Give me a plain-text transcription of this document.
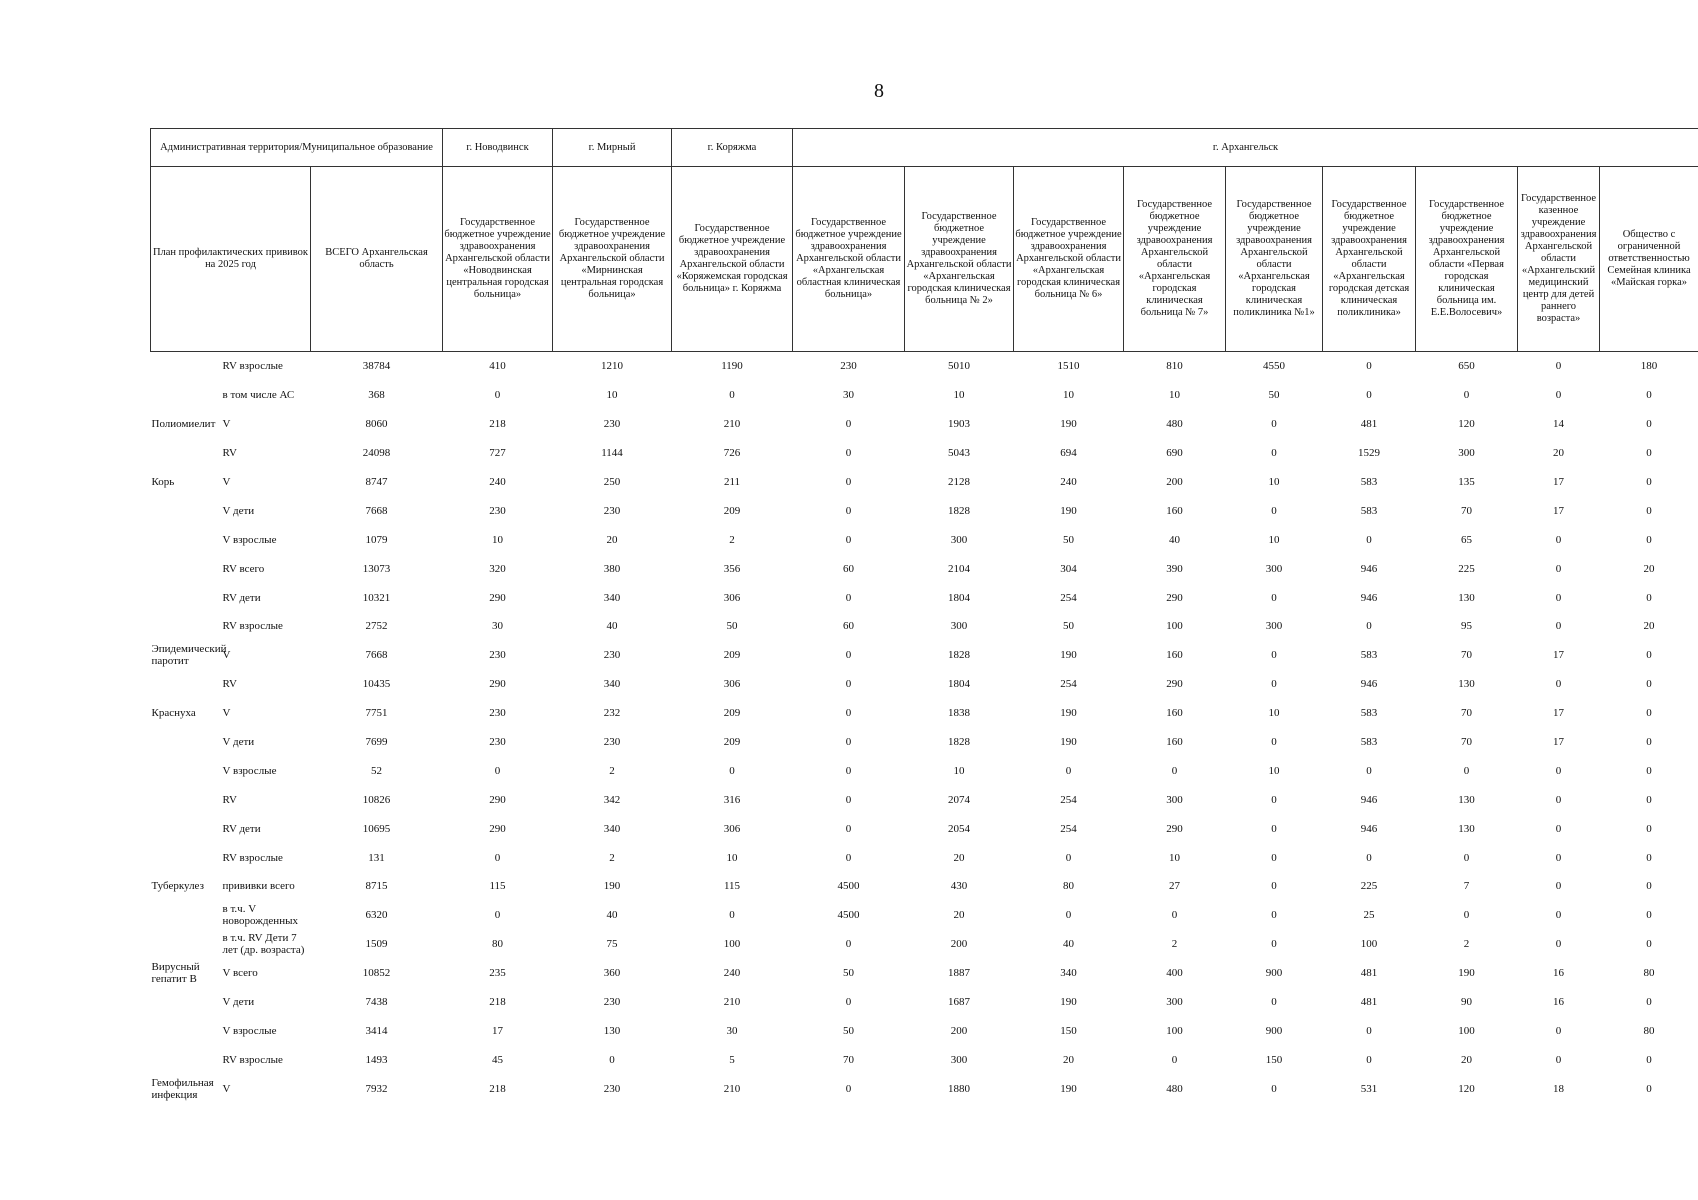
8
Административная территория/Муниципальное образование			г. Новодвинск	г. Мирный	г. Коряжма	г. Архангельск								
План профилактических прививок на 2025 год		ВСЕГО Архангельская область	Государственное бюджетное учреждение здравоохранения Архангельской области «Новодвинская центральная городская больница»	Государственное бюджетное учреждение здравоохранения Архангельской области «Мирнинская центральная городская больница»	Государственное бюджетное учреждение здравоохранения Архангельской области «Коряжемская городская больница» г. Коряжма	Государственное бюджетное учреждение здравоохранения Архангельской области «Архангельская областная клиническая больница»	Государственное бюджетное учреждение здравоохранения Архангельской области «Архангельская городская клиническая больница № 2»	Государственное бюджетное учреждение здравоохранения Архангельской области «Архангельская городская клиническая больница № 6»	Государственное бюджетное учреждение здравоохранения Архангельской области «Архангельская городская клиническая больница № 7»	Государственное бюджетное учреждение здравоохранения Архангельской области «Архангельская городская клиническая поликлиника №1»	Государственное бюджетное учреждение здравоохранения Архангельской области «Архангельская городская детская клиническая поликлиника»	Государственное бюджетное учреждение здравоохранения Архангельской области «Первая городская клиническая больница им. Е.Е.Волосевич»	Государственное казенное учреждение здравоохранения Архангельской области «Архангельский медицинский центр для детей раннего возраста»	Общество с ограниченной ответственностью Семейная клиника «Майская горка»
	RV взрослые	38784	410	1210	1190	230	5010	1510	810	4550	0	650	0	180
	в том числе АС	368	0	10	0	30	10	10	10	50	0	0	0	0
Полиомиелит	V	8060	218	230	210	0	1903	190	480	0	481	120	14	0
	RV	24098	727	1144	726	0	5043	694	690	0	1529	300	20	0
Корь	V	8747	240	250	211	0	2128	240	200	10	583	135	17	0
	V дети	7668	230	230	209	0	1828	190	160	0	583	70	17	0
	V взрослые	1079	10	20	2	0	300	50	40	10	0	65	0	0
	RV всего	13073	320	380	356	60	2104	304	390	300	946	225	0	20
	RV дети	10321	290	340	306	0	1804	254	290	0	946	130	0	0
	RV взрослые	2752	30	40	50	60	300	50	100	300	0	95	0	20
Эпидемический паротит	V	7668	230	230	209	0	1828	190	160	0	583	70	17	0
	RV	10435	290	340	306	0	1804	254	290	0	946	130	0	0
Краснуха	V	7751	230	232	209	0	1838	190	160	10	583	70	17	0
	V дети	7699	230	230	209	0	1828	190	160	0	583	70	17	0
	V взрослые	52	0	2	0	0	10	0	0	10	0	0	0	0
	RV	10826	290	342	316	0	2074	254	300	0	946	130	0	0
	RV дети	10695	290	340	306	0	2054	254	290	0	946	130	0	0
	RV взрослые	131	0	2	10	0	20	0	10	0	0	0	0	0
Туберкулез	прививки всего	8715	115	190	115	4500	430	80	27	0	225	7	0	0
	в т.ч. V новорожденных	6320	0	40	0	4500	20	0	0	0	25	0	0	0
	в т.ч. RV Дети 7 лет (др. возраста)	1509	80	75	100	0	200	40	2	0	100	2	0	0
Вирусный гепатит В	V всего	10852	235	360	240	50	1887	340	400	900	481	190	16	80
	V дети	7438	218	230	210	0	1687	190	300	0	481	90	16	0
	V взрослые	3414	17	130	30	50	200	150	100	900	0	100	0	80
	RV взрослые	1493	45	0	5	70	300	20	0	150	0	20	0	0
Гемофильная инфекция	V	7932	218	230	210	0	1880	190	480	0	531	120	18	0
